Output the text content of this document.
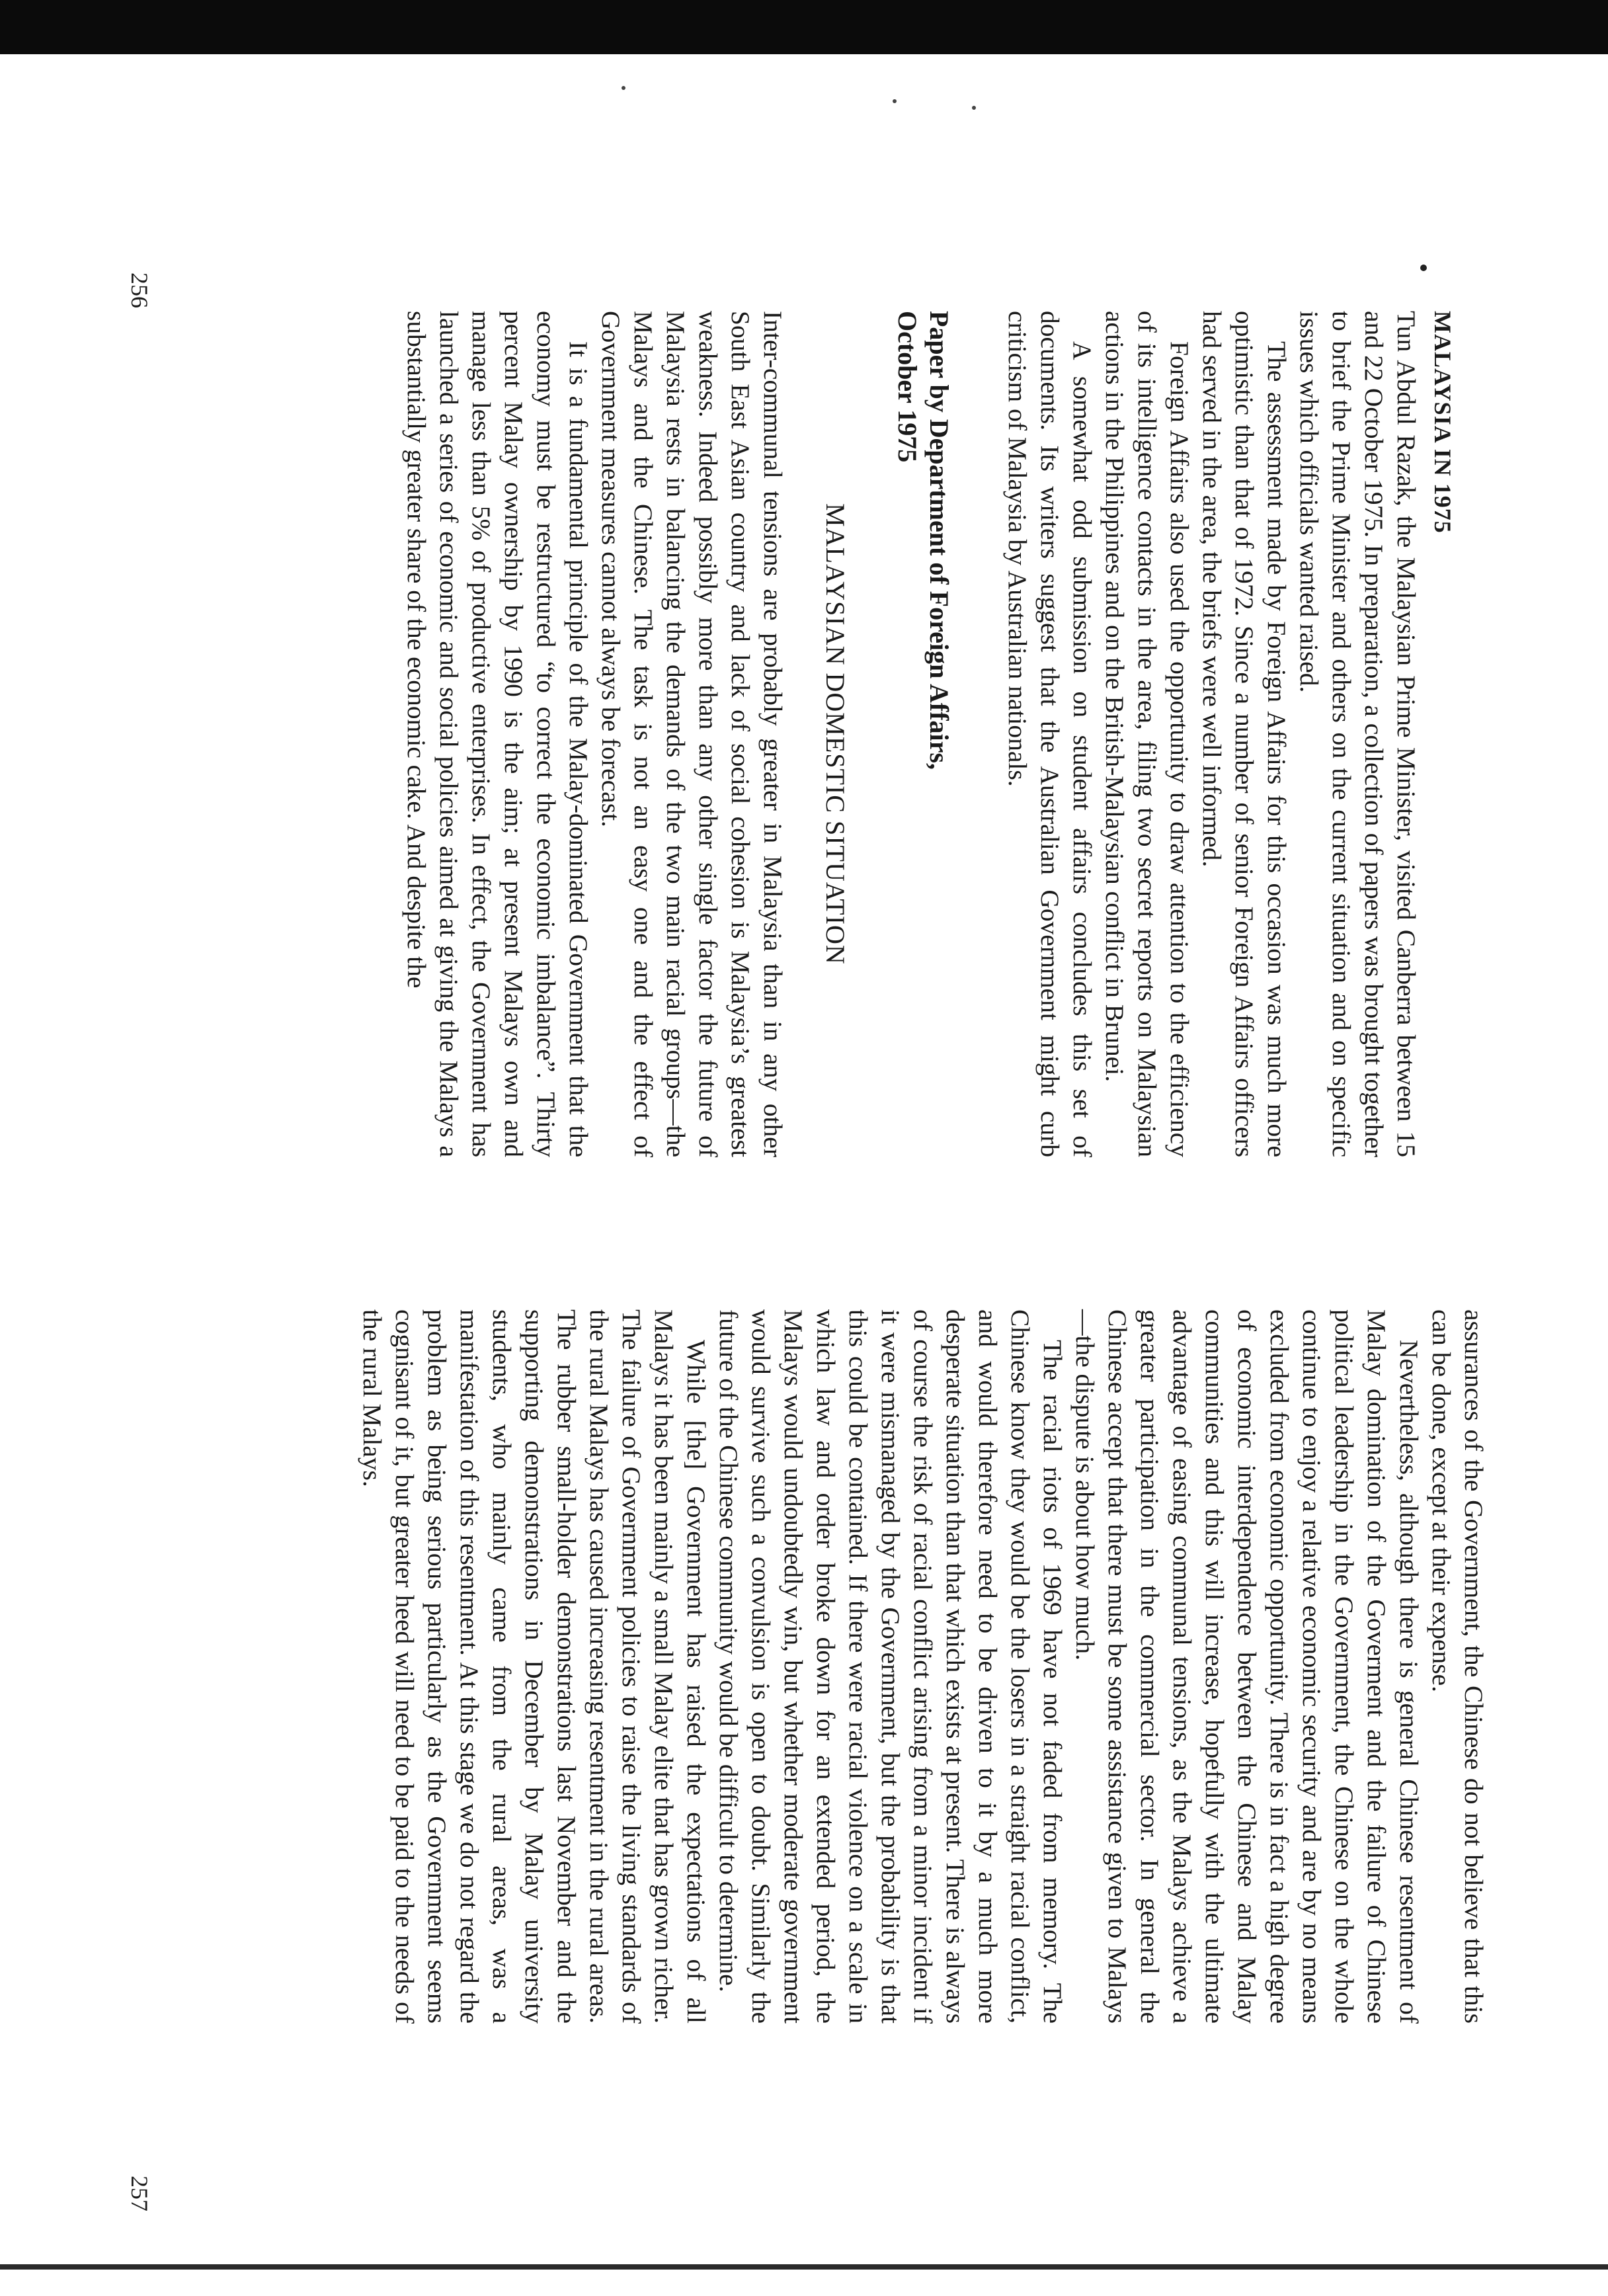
MALAYSIA IN 1975

Tun Abdul Razak, the Malaysian Prime Minister, visited Canberra between 15 and 22 October 1975. In preparation, a collection of papers was brought together to brief the Prime Minister and others on the current situation and on specific issues which officials wanted raised.

The assessment made by Foreign Affairs for this occasion was much more optimistic than that of 1972. Since a number of senior Foreign Affairs officers had served in the area, the briefs were well informed.

Foreign Affairs also used the opportunity to draw attention to the efficiency of its intelligence contacts in the area, filing two secret reports on Malaysian actions in the Philippines and on the British-Malaysian conflict in Brunei.

A somewhat odd submission on student affairs concludes this set of documents. Its writers suggest that the Australian Government might curb criticism of Malaysia by Australian nationals.

Paper by Department of Foreign Affairs,
October 1975
MALAYSIAN DOMESTIC SITUATION

Inter-communal tensions are probably greater in Malaysia than in any other South East Asian country and lack of social cohesion is Malaysia’s greatest weakness. Indeed possibly more than any other single factor the future of Malaysia rests in balancing the demands of the two main racial groups—the Malays and the Chinese. The task is not an easy one and the effect of Government measures cannot always be forecast.

It is a fundamental principle of the Malay-dominated Government that the economy must be restructured “to correct the economic imbalance”. Thirty percent Malay ownership by 1990 is the aim; at present Malays own and manage less than 5% of productive enterprises. In effect, the Government has launched a series of economic and social policies aimed at giving the Malays a substantially greater share of the economic cake. And despite the

assurances of the Government, the Chinese do not believe that this can be done, except at their expense.

Nevertheless, although there is general Chinese resentment of Malay domination of the Goverment and the failure of Chinese political leadership in the Government, the Chinese on the whole continue to enjoy a relative economic security and are by no means excluded from economic opportunity. There is in fact a high degree of economic interdependence between the Chinese and Malay communities and this will increase, hopefully with the ultimate advantage of easing communal tensions, as the Malays achieve a greater participation in the commercial sector. In general the Chinese accept that there must be some assistance given to Malays—the dispute is about how much.

The racial riots of 1969 have not faded from memory. The Chinese know they would be the losers in a straight racial conflict, and would therefore need to be driven to it by a much more desperate situation than that which exists at present. There is always of course the risk of racial conflict arising from a minor incident if it were mismanaged by the Government, but the probability is that this could be contained. If there were racial violence on a scale in which law and order broke down for an extended period, the Malays would undoubtedly win, but whether moderate government would survive such a convulsion is open to doubt. Similarly the future of the Chinese community would be difficult to determine.

While [the] Government has raised the expectations of all Malays it has been mainly a small Malay elite that has grown richer. The failure of Government policies to raise the living standards of the rural Malays has caused increasing resentment in the rural areas. The rubber small-holder demonstrations last November and the supporting demonstrations in December by Malay university students, who mainly came from the rural areas, was a manifestation of this resentment. At this stage we do not regard the problem as being serious particularly as the Government seems cognisant of it, but greater heed will need to be paid to the needs of the rural Malays.

256
257
